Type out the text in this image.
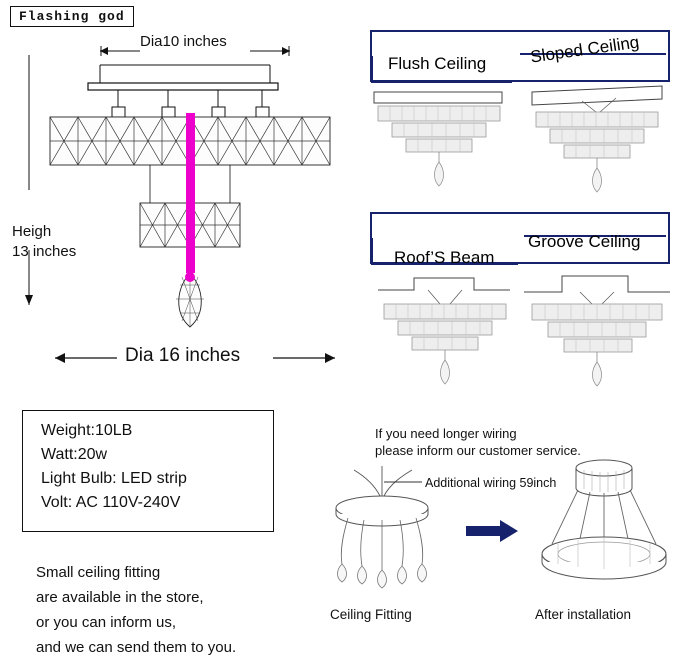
Flashing god
Dia10 inches
Heigh
13 inches
Dia 16 inches
Weight:10LB
Watt:20w
Light Bulb: LED strip
Volt: AC 110V-240V
Small ceiling fitting
are available in the store,
or you can inform us,
and we can send them to you.
Flush Ceiling	Sloped Ceiling
Roof’S Beam
Groove Ceiling
If you need longer wiring
please inform our customer service.
Additional wiring 59inch
Ceiling Fitting	After installation
